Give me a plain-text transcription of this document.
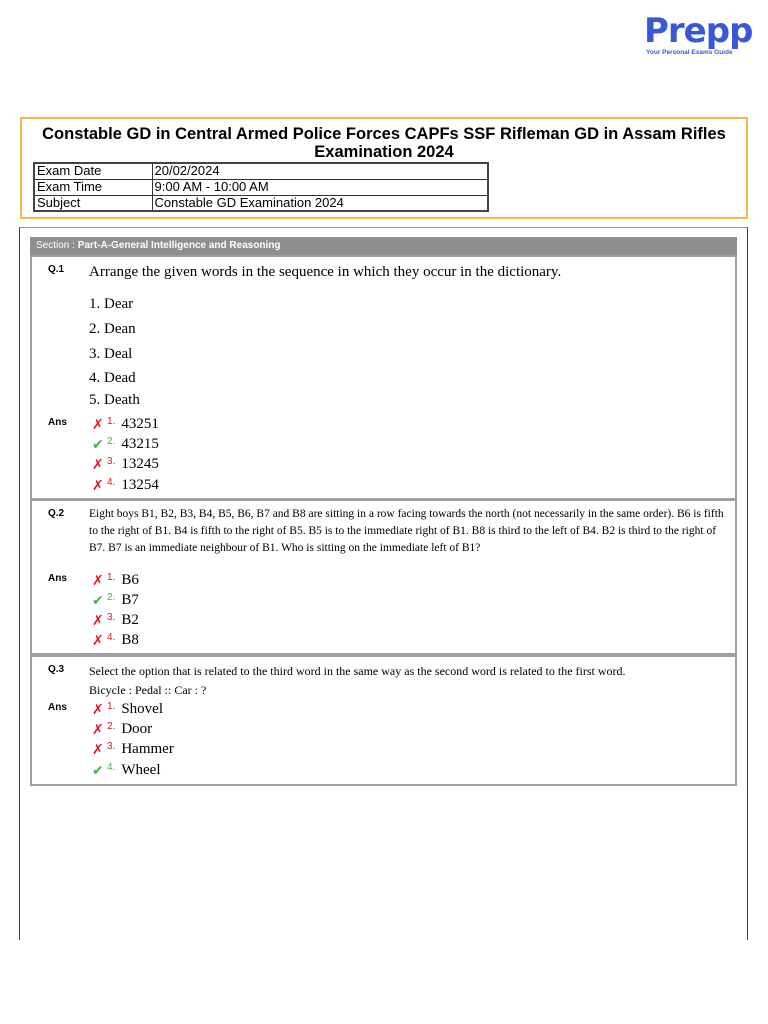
Prepp
Your Personal Exams Guide
Constable GD in Central Armed Police Forces CAPFs SSF Rifleman GD in Assam Rifles Examination 2024
Exam Date	20/02/2024
Exam Time	9:00 AM - 10:00 AM
Subject	Constable GD Examination 2024
Section : Part-A-General Intelligence and Reasoning
Q.1 Arrange the given words in the sequence in which they occur in the dictionary.
1. Dear
2. Dean
3. Deal
4. Dead
5. Death
Ans ✗ 1. 43251
✔ 2. 43215
✗ 3. 13245
✗ 4. 13254
Q.2 Eight boys B1, B2, B3, B4, B5, B6, B7 and B8 are sitting in a row facing towards the north (not necessarily in the same order). B6 is fifth to the right of B1. B4 is fifth to the right of B5. B5 is to the immediate right of B1. B8 is third to the left of B4. B2 is third to the right of B7. B7 is an immediate neighbour of B1. Who is sitting on the immediate left of B1?
Ans ✗ 1. B6
✔ 2. B7
✗ 3. B2
✗ 4. B8
Q.3 Select the option that is related to the third word in the same way as the second word is related to the first word.
Bicycle : Pedal :: Car : ?
Ans ✗ 1. Shovel
✗ 2. Door
✗ 3. Hammer
✔ 4. Wheel
